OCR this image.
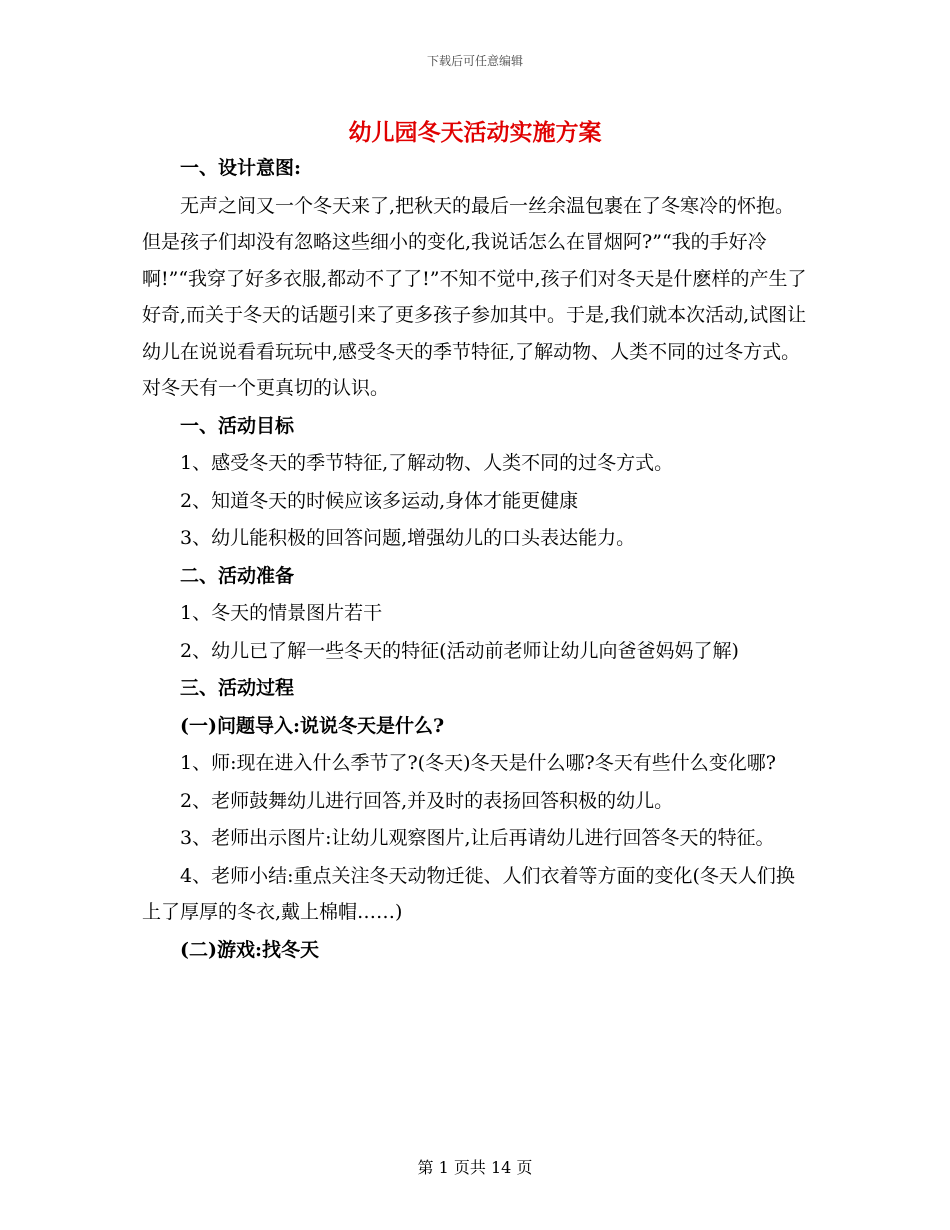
下载后可任意编辑
幼儿园冬天活动实施方案

一、设计意图:

无声之间又一个冬天来了,把秋天的最后一丝余温包裹在了冬寒冷的怀抱。但是孩子们却没有忽略这些细小的变化,我说话怎么在冒烟阿?”“我的手好冷啊!”“我穿了好多衣服,都动不了了!”不知不觉中,孩子们对冬天是什麽样的产生了好奇,而关于冬天的话题引来了更多孩子参加其中。于是,我们就本次活动,试图让幼儿在说说看看玩玩中,感受冬天的季节特征,了解动物、人类不同的过冬方式。对冬天有一个更真切的认识。

一、活动目标

1、感受冬天的季节特征,了解动物、人类不同的过冬方式。

2、知道冬天的时候应该多运动,身体才能更健康

3、幼儿能积极的回答问题,增强幼儿的口头表达能力。

二、活动准备

1、冬天的情景图片若干

2、幼儿已了解一些冬天的特征(活动前老师让幼儿向爸爸妈妈了解)

三、活动过程

(一)问题导入:说说冬天是什么?

1、师:现在进入什么季节了?(冬天)冬天是什么哪?冬天有些什么变化哪?

2、老师鼓舞幼儿进行回答,并及时的表扬回答积极的幼儿。

3、老师出示图片:让幼儿观察图片,让后再请幼儿进行回答冬天的特征。

4、老师小结:重点关注冬天动物迁徙、人们衣着等方面的变化(冬天人们换上了厚厚的冬衣,戴上棉帽……)

(二)游戏:找冬天

第 1 页共 14 页
